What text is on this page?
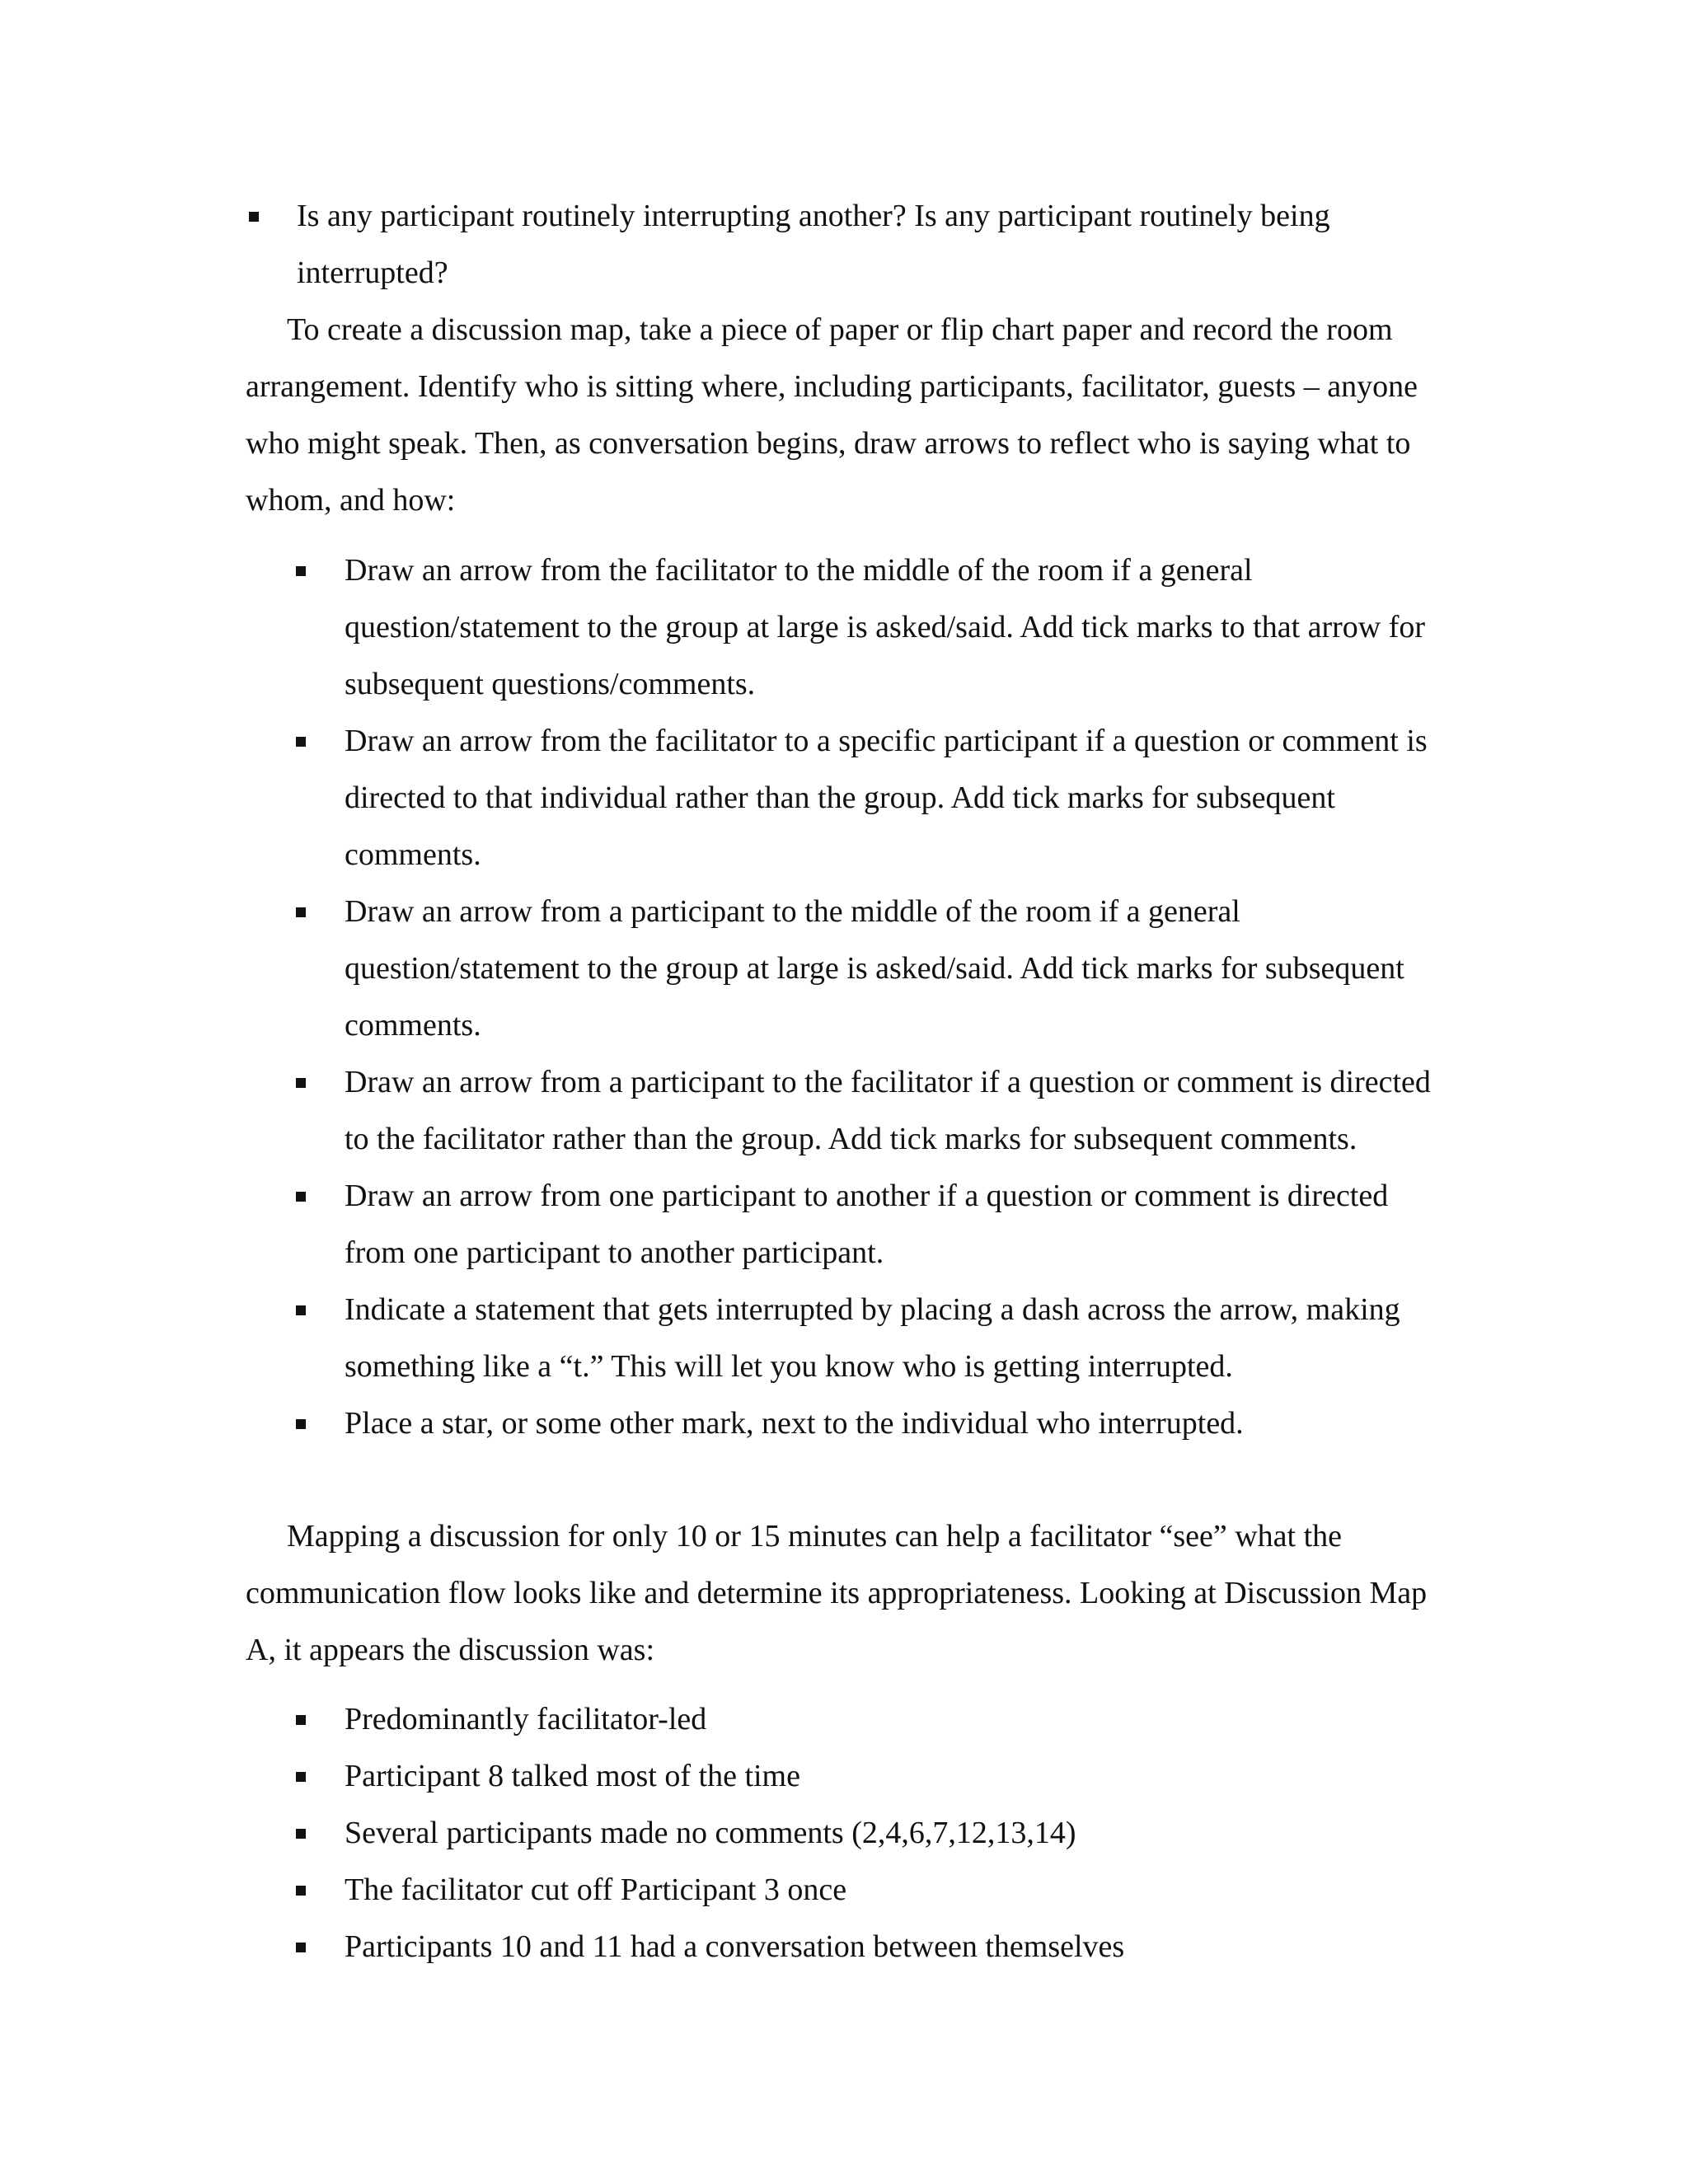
Is any participant routinely interrupting another? Is any participant routinely being interrupted?
To create a discussion map, take a piece of paper or flip chart paper and record the room arrangement. Identify who is sitting where, including participants, facilitator, guests – anyone who might speak. Then, as conversation begins, draw arrows to reflect who is saying what to whom, and how:
Draw an arrow from the facilitator to the middle of the room if a general question/statement to the group at large is asked/said. Add tick marks to that arrow for subsequent questions/comments.
Draw an arrow from the facilitator to a specific participant if a question or comment is directed to that individual rather than the group. Add tick marks for subsequent comments.
Draw an arrow from a participant to the middle of the room if a general question/statement to the group at large is asked/said. Add tick marks for subsequent comments.
Draw an arrow from a participant to the facilitator if a question or comment is directed to the facilitator rather than the group. Add tick marks for subsequent comments.
Draw an arrow from one participant to another if a question or comment is directed from one participant to another participant.
Indicate a statement that gets interrupted by placing a dash across the arrow, making something like a “t.” This will let you know who is getting interrupted.
Place a star, or some other mark, next to the individual who interrupted.
Mapping a discussion for only 10 or 15 minutes can help a facilitator “see” what the communication flow looks like and determine its appropriateness. Looking at Discussion Map A, it appears the discussion was:
Predominantly facilitator-led
Participant 8 talked most of the time
Several participants made no comments (2,4,6,7,12,13,14)
The facilitator cut off Participant 3 once
Participants 10 and 11 had a conversation between themselves
